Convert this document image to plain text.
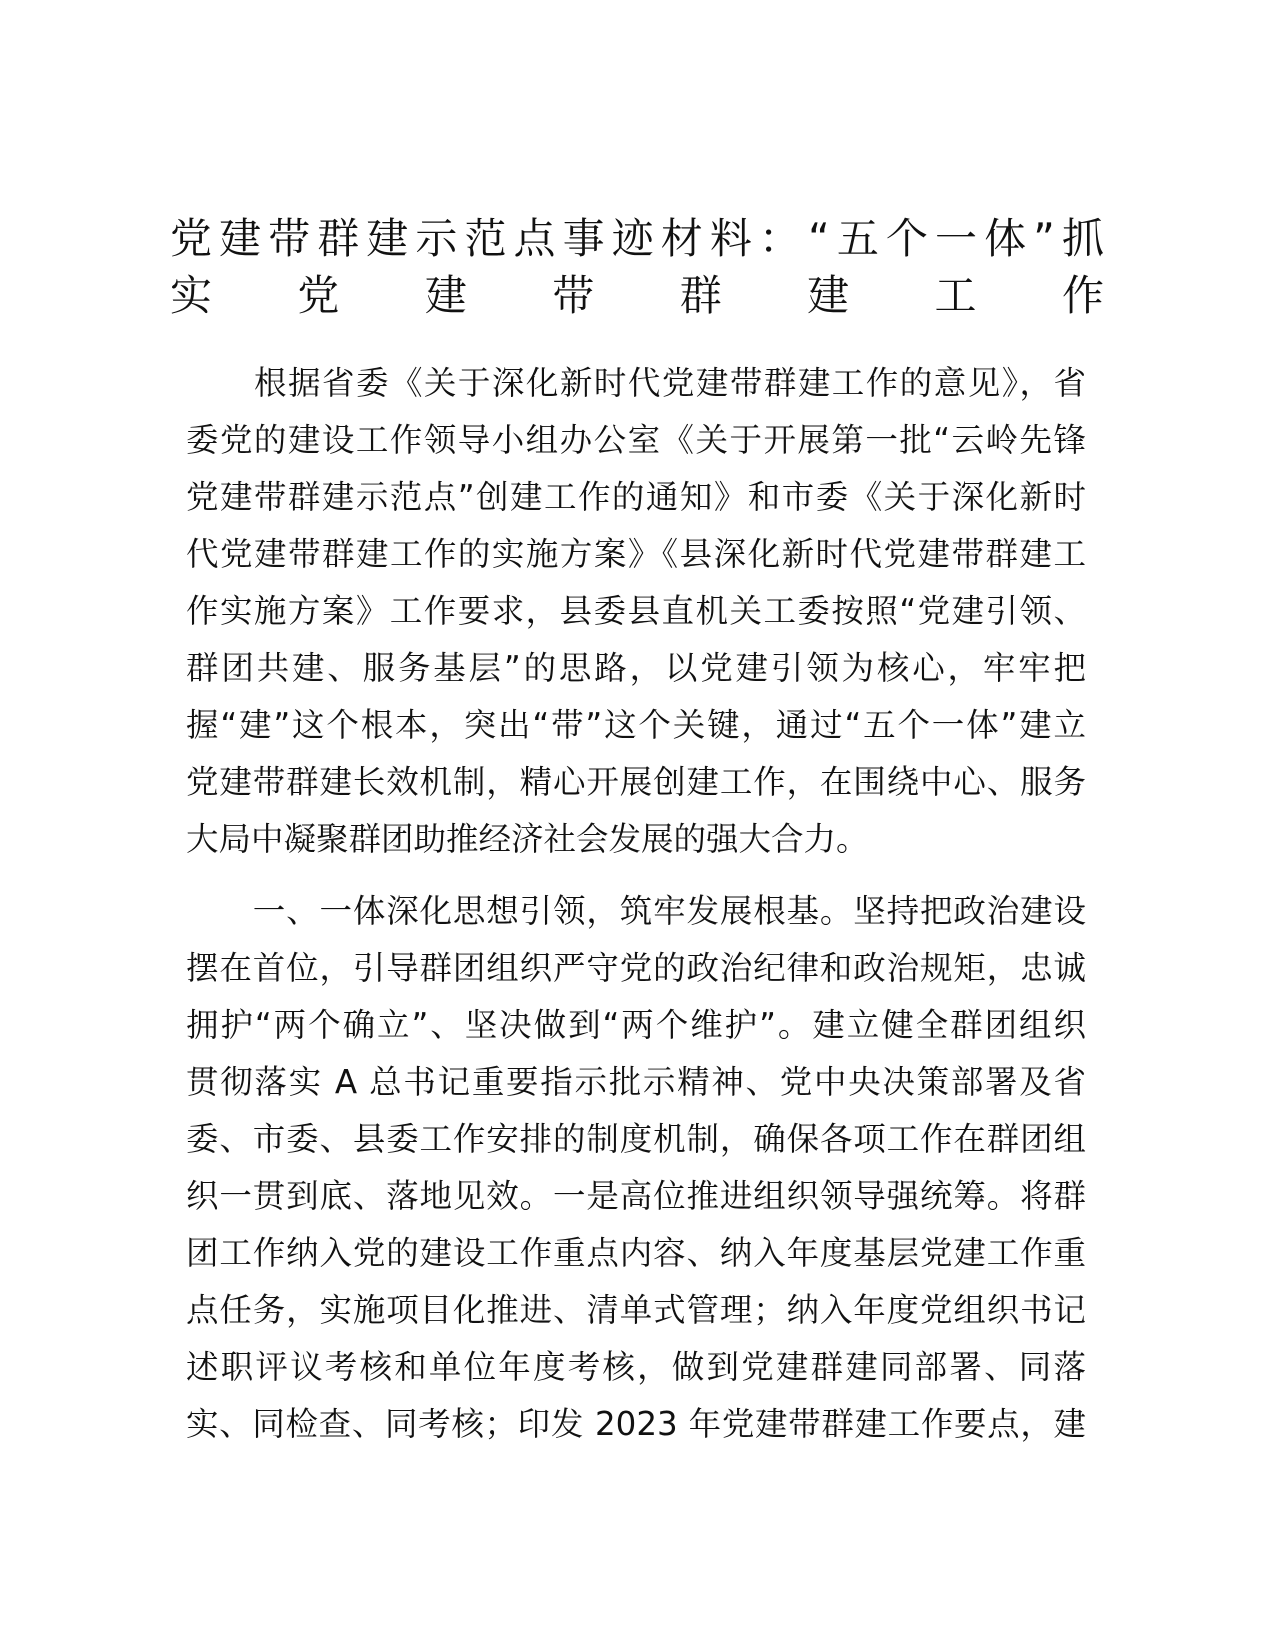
党建带群建示范点事迹材料：“五个一体”抓
实党建带群建工作

　　根据省委《关于深化新时代党建带群建工作的意见》，省
委党的建设工作领导小组办公室《关于开展第一批“云岭先锋
党建带群建示范点”创建工作的通知》和市委《关于深化新时
代党建带群建工作的实施方案》《县深化新时代党建带群建工
作实施方案》工作要求，县委县直机关工委按照“党建引领、
群团共建、服务基层”的思路，以党建引领为核心，牢牢把
握“建”这个根本，突出“带”这个关键，通过“五个一体”建立
党建带群建长效机制，精心开展创建工作，在围绕中心、服务
大局中凝聚群团助推经济社会发展的强大合力。

　　一、一体深化思想引领，筑牢发展根基。坚持把政治建设
摆在首位，引导群团组织严守党的政治纪律和政治规矩，忠诚
拥护“两个确立”、坚决做到“两个维护”。建立健全群团组织
贯彻落实 A 总书记重要指示批示精神、党中央决策部署及省
委、市委、县委工作安排的制度机制，确保各项工作在群团组
织一贯到底、落地见效。一是高位推进组织领导强统筹。将群
团工作纳入党的建设工作重点内容、纳入年度基层党建工作重
点任务，实施项目化推进、清单式管理；纳入年度党组织书记
述职评议考核和单位年度考核，做到党建群建同部署、同落
实、同检查、同考核；印发 2023 年党建带群建工作要点，建
